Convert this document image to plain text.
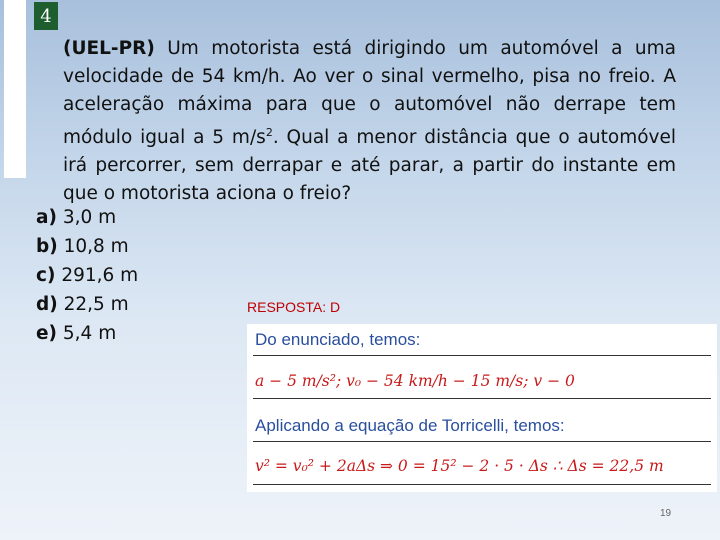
4
(UEL-PR) Um motorista está dirigindo um automóvel a uma velocidade de 54 km/h. Ao ver o sinal vermelho, pisa no freio. A aceleração máxima para que o automóvel não derrape tem módulo igual a 5 $m/s^2$. Qual a menor distância que o automóvel irá percorrer, sem derrapar e até parar, a partir do instante em que o motorista aciona o freio?
a) 3,0 m
b) 10,8 m
c) 291,6 m
d) 22,5 m
e) 5,4 m
RESPOSTA: D
Do enunciado, temos:
a − 5 m/s²; v₀ − 54 km/h − 15 m/s; v − 0
Aplicando a equação de Torricelli, temos:
v² = v₀² + 2aΔs ⇒ 0 = 15² − 2 · 5 · Δs ∴ Δs = 22,5 m
19
